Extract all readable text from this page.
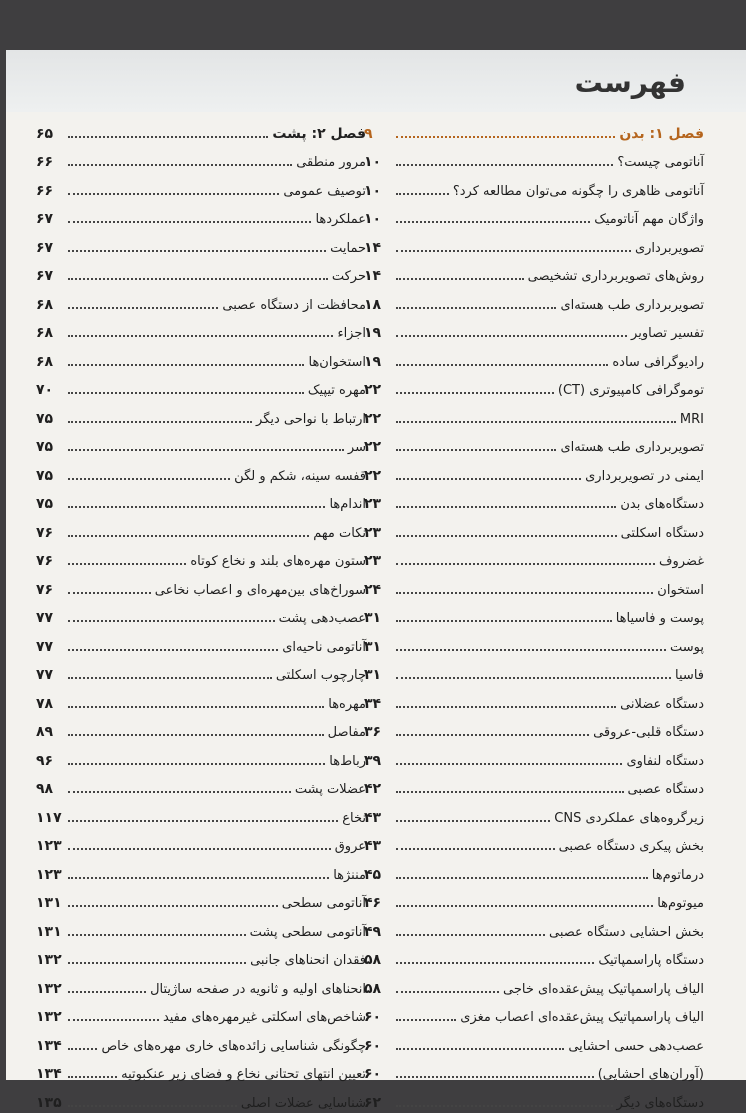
فهرست
فصل ۱: بدن
۹
آناتومی چیست؟
۱۰
آناتومی ظاهری را چگونه می‌توان مطالعه کرد؟
۱۰
واژگان مهم آناتومیک
۱۰
تصویربرداری
۱۴
روش‌های تصویربرداری تشخیصی
۱۴
تصویربرداری طب هسته‌ای
۱۸
تفسیر تصاویر
۱۹
رادیوگرافی ساده
۱۹
توموگرافی کامپیوتری (CT)
۲۲
MRI
۲۲
تصویربرداری طب هسته‌ای
۲۲
ایمنی در تصویربرداری
۲۲
دستگاه‌های بدن
۲۳
دستگاه اسکلتی
۲۳
غضروف
۲۳
استخوان
۲۴
پوست و فاسیاها
۳۱
پوست
۳۱
فاسیا
۳۱
دستگاه عضلانی
۳۴
دستگاه قلبی-عروقی
۳۶
دستگاه لنفاوی
۳۹
دستگاه عصبی
۴۲
زیرگروه‌های عملکردی CNS
۴۳
بخش پیکری دستگاه عصبی
۴۳
درماتوم‌ها
۴۵
میوتوم‌ها
۴۶
بخش احشایی دستگاه عصبی
۴۹
دستگاه پاراسمپاتیک
۵۸
الیاف پاراسمپاتیک پیش‌عقده‌ای خاجی
۵۸
الیاف پاراسمپاتیک پیش‌عقده‌ای اعصاب مغزی
۶۰
عصب‌دهی حسی احشایی
۶۰
(آوران‌های احشایی)
۶۰
دستگاه‌های دیگر
۶۲
فصل ۲: پشت
۶۵
مرور منطقی
۶۶
توصیف عمومی
۶۶
عملکردها
۶۷
حمایت
۶۷
حرکت
۶۷
محافظت از دستگاه عصبی
۶۸
اجزاء
۶۸
استخوان‌ها
۶۸
مهره تیپیک
۷۰
ارتباط با نواحی دیگر
۷۵
سر
۷۵
قفسه سینه، شکم و لگن
۷۵
اندام‌ها
۷۵
نکات مهم
۷۶
ستون مهره‌های بلند و نخاع کوتاه
۷۶
سوراخ‌های بین‌مهره‌ای و اعصاب نخاعی
۷۶
عصب‌دهی پشت
۷۷
آناتومی ناحیه‌ای
۷۷
چارچوب اسکلتی
۷۷
مهره‌ها
۷۸
مفاصل
۸۹
رباط‌ها
۹۶
عضلات پشت
۹۸
نخاع
۱۱۷
عروق
۱۲۳
مننژها
۱۲۳
آناتومی سطحی
۱۳۱
آناتومی سطحی پشت
۱۳۱
فقدان انحناهای جانبی
۱۳۲
انحناهای اولیه و ثانویه در صفحه ساژیتال
۱۳۲
شاخص‌های اسکلتی غیرمهره‌های مفید
۱۳۲
چگونگی شناسایی زائده‌های خاری مهره‌های خاص
۱۳۴
تعیین انتهای تحتانی نخاع و فضای زیر عنکبوتیه
۱۳۴
شناسایی عضلات اصلی
۱۳۵
